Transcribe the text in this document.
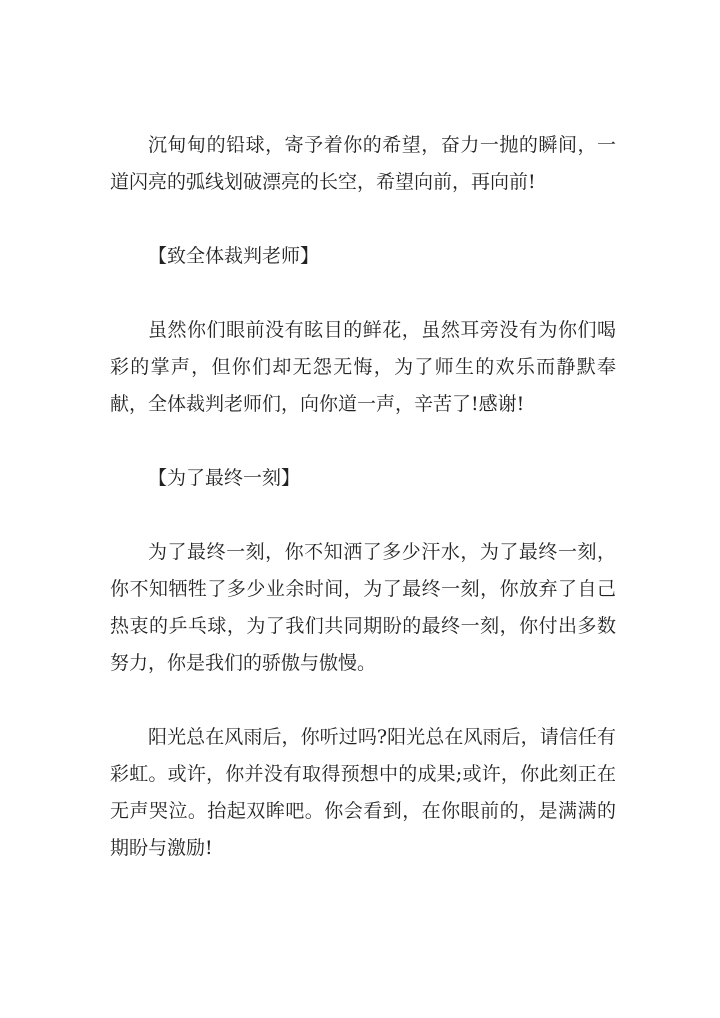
沉甸甸的铅球，寄予着你的希望，奋力一抛的瞬间，一道闪亮的弧线划破漂亮的长空，希望向前，再向前!

【致全体裁判老师】

虽然你们眼前没有眩目的鲜花，虽然耳旁没有为你们喝彩的掌声，但你们却无怨无悔，为了师生的欢乐而静默奉献，全体裁判老师们，向你道一声，辛苦了!感谢!

【为了最终一刻】

为了最终一刻，你不知洒了多少汗水，为了最终一刻，你不知牺牲了多少业余时间，为了最终一刻，你放弃了自己热衷的乒乓球，为了我们共同期盼的最终一刻，你付出多数努力，你是我们的骄傲与傲慢。

阳光总在风雨后，你听过吗?阳光总在风雨后，请信任有彩虹。或许，你并没有取得预想中的成果;或许，你此刻正在无声哭泣。抬起双眸吧。你会看到，在你眼前的，是满满的期盼与激励!
